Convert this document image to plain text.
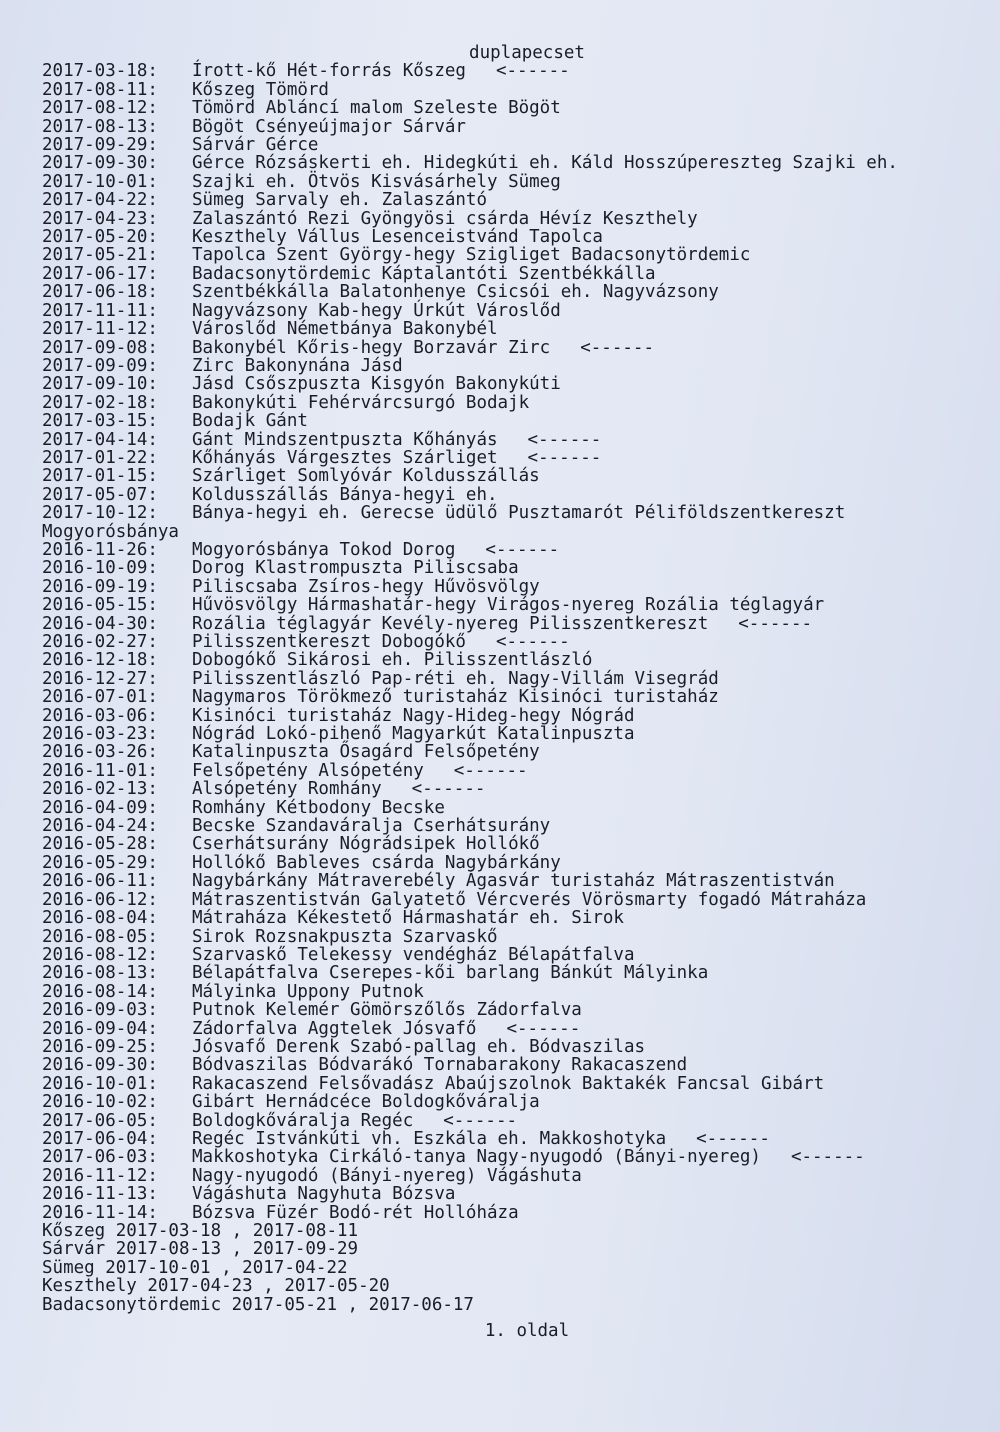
duplapecset
2017-03-18:	Írott-kő Hét-forrás Kőszeg <------
2017-08-11:	Kőszeg Tömörd
2017-08-12:	Tömörd Abláncí malom Szeleste Bögöt
2017-08-13:	Bögöt Csényeújmajor Sárvár
2017-09-29:	Sárvár Gérce
2017-09-30:	Gérce Rózsáskerti eh. Hidegkúti eh. Káld Hosszúpereszteg Szajki eh.
2017-10-01:	Szajki eh. Ötvös Kisvásárhely Sümeg
2017-04-22:	Sümeg Sarvaly eh. Zalaszántó
2017-04-23:	Zalaszántó Rezi Gyöngyösi csárda Hévíz Keszthely
2017-05-20:	Keszthely Vállus Lesenceistvánd Tapolca
2017-05-21:	Tapolca Szent György-hegy Szigliget Badacsonytördemic
2017-06-17:	Badacsonytördemic Káptalantóti Szentbékkálla
2017-06-18:	Szentbékkálla Balatonhenye Csicsói eh. Nagyvázsony
2017-11-11:	Nagyvázsony Kab-hegy Úrkút Városlőd
2017-11-12:	Városlőd Németbánya Bakonybél
2017-09-08:	Bakonybél Kőris-hegy Borzavár Zirc <------
2017-09-09:	Zirc Bakonynána Jásd
2017-09-10:	Jásd Csőszpuszta Kisgyón Bakonykúti
2017-02-18:	Bakonykúti Fehérvárcsurgó Bodajk
2017-03-15:	Bodajk Gánt
2017-04-14:	Gánt Mindszentpuszta Kőhányás <------
2017-01-22:	Kőhányás Várgesztes Szárliget <------
2017-01-15:	Szárliget Somlyóvár Koldusszállás
2017-05-07:	Koldusszállás Bánya-hegyi eh.
2017-10-12:	Bánya-hegyi eh. Gerecse üdülő Pusztamarót Péliföldszentkereszt
Mogyorósbánya
2016-11-26:	Mogyorósbánya Tokod Dorog <------
2016-10-09:	Dorog Klastrompuszta Piliscsaba
2016-09-19:	Piliscsaba Zsíros-hegy Hűvösvölgy
2016-05-15:	Hűvösvölgy Hármashatár-hegy Virágos-nyereg Rozália téglagyár
2016-04-30:	Rozália téglagyár Kevély-nyereg Pilisszentkereszt <------
2016-02-27:	Pilisszentkereszt Dobogókő <------
2016-12-18:	Dobogókő Sikárosi eh. Pilisszentlászló
2016-12-27:	Pilisszentlászló Pap-réti eh. Nagy-Villám Visegrád
2016-07-01:	Nagymaros Törökmező turistaház Kisinóci turistaház
2016-03-06:	Kisinóci turistaház Nagy-Hideg-hegy Nógrád
2016-03-23:	Nógrád Lokó-pihenő Magyarkút Katalinpuszta
2016-03-26:	Katalinpuszta Ősagárd Felsőpetény
2016-11-01:	Felsőpetény Alsópetény <------
2016-02-13:	Alsópetény Romhány <------
2016-04-09:	Romhány Kétbodony Becske
2016-04-24:	Becske Szandaváralja Cserhátsurány
2016-05-28:	Cserhátsurány Nógrádsipek Hollókő
2016-05-29:	Hollókő Bableves csárda Nagybárkány
2016-06-11:	Nagybárkány Mátraverebély Ágasvár turistaház Mátraszentistván
2016-06-12:	Mátraszentistván Galyatető Vércverés Vörösmarty fogadó Mátraháza
2016-08-04:	Mátraháza Kékestető Hármashatár eh. Sirok
2016-08-05:	Sirok Rozsnakpuszta Szarvaskő
2016-08-12:	Szarvaskő Telekessy vendégház Bélapátfalva
2016-08-13:	Bélapátfalva Cserepes-kői barlang Bánkút Mályinka
2016-08-14:	Mályinka Uppony Putnok
2016-09-03:	Putnok Kelemér Gömörszőlős Zádorfalva
2016-09-04:	Zádorfalva Aggtelek Jósvafő <------
2016-09-25:	Jósvafő Derenk Szabó-pallag eh. Bódvaszilas
2016-09-30:	Bódvaszilas Bódvarákó Tornabarakony Rakacaszend
2016-10-01:	Rakacaszend Felsővadász Abaújszolnok Baktakék Fancsal Gibárt
2016-10-02:	Gibárt Hernádcéce Boldogkőváralja
2017-06-05:	Boldogkőváralja Regéc <------
2017-06-04:	Regéc Istvánkúti vh. Eszkála eh. Makkoshotyka <------
2017-06-03:	Makkoshotyka Cirkáló-tanya Nagy-nyugodó (Bányi-nyereg) <------
2016-11-12:	Nagy-nyugodó (Bányi-nyereg) Vágáshuta
2016-11-13:	Vágáshuta Nagyhuta Bózsva
2016-11-14:	Bózsva Füzér Bodó-rét Hollóháza
Kőszeg 2017-03-18 , 2017-08-11
Sárvár 2017-08-13 , 2017-09-29
Sümeg 2017-10-01 , 2017-04-22
Keszthely 2017-04-23 , 2017-05-20
Badacsonytördemic 2017-05-21 , 2017-06-17
1. oldal
